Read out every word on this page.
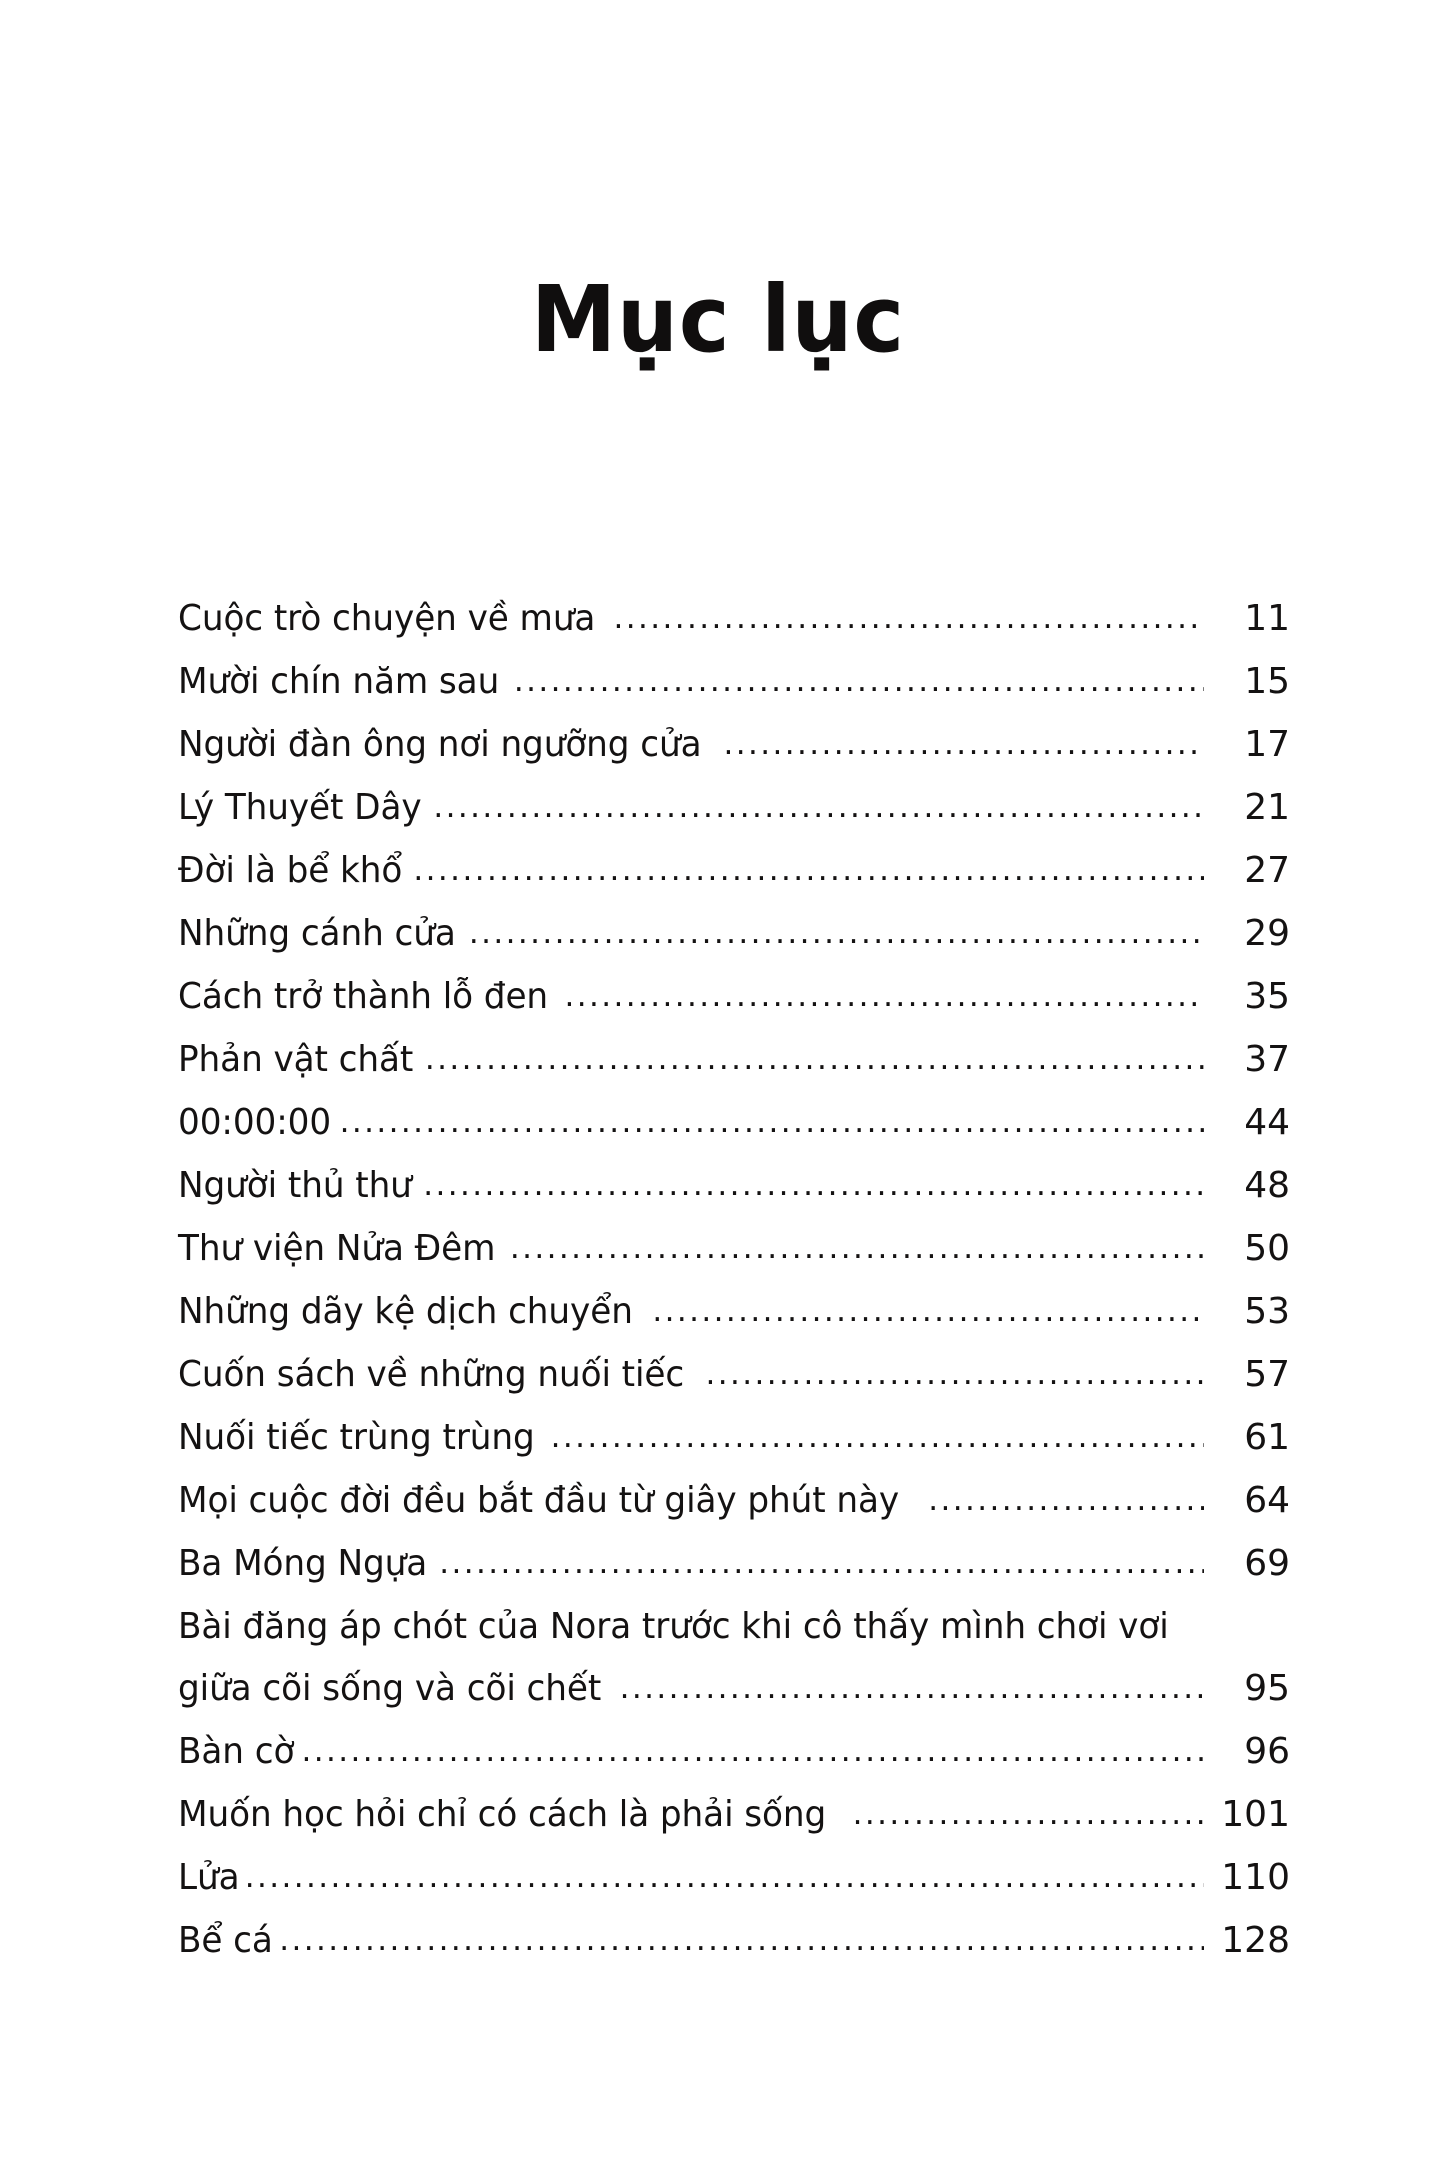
Mục lục
Cuộc trò chuyện về mưa .....	11
Mười chín năm sau .....	15
Người đàn ông nơi ngưỡng cửa .....	17
Lý Thuyết Dây .....	21
Đời là bể khổ .....	27
Những cánh cửa .....	29
Cách trở thành lỗ đen .....	35
Phản vật chất .....	37
00:00:00 .....	44
Người thủ thư .....	48
Thư viện Nửa Đêm .....	50
Những dãy kệ dịch chuyển .....	53
Cuốn sách về những nuối tiếc .....	57
Nuối tiếc trùng trùng .....	61
Mọi cuộc đời đều bắt đầu từ giây phút này .....	64
Ba Móng Ngựa .....	69
Bài đăng áp chót của Nora trước khi cô thấy mình chơi vơi
giữa cõi sống và cõi chết .....	95
Bàn cờ .....	96
Muốn học hỏi chỉ có cách là phải sống .....	101
Lửa .....	110
Bể cá .....	128
